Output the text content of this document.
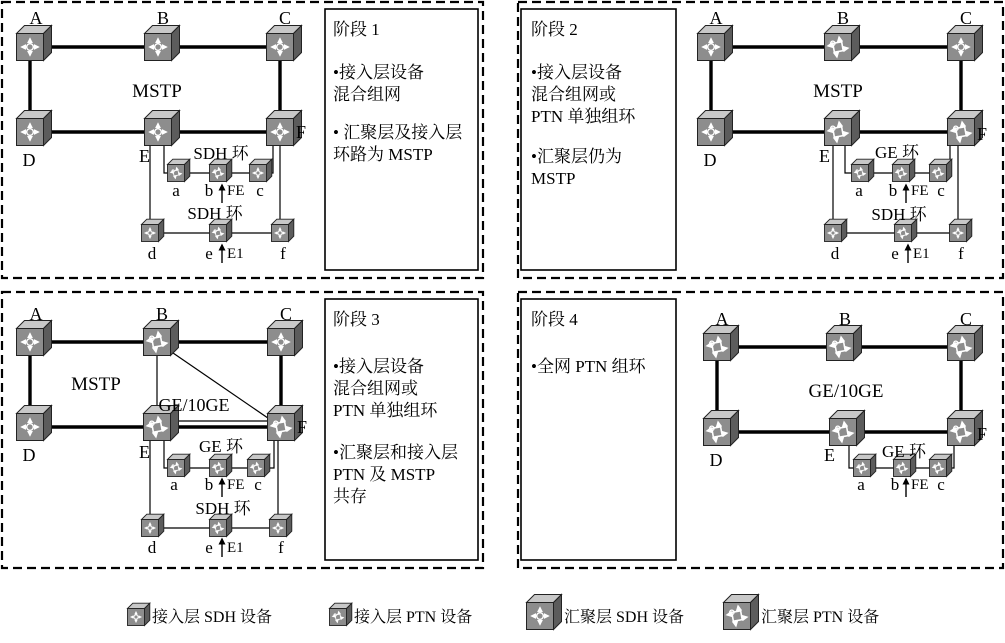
A	B	C
D	E
F
MSTP
SDH 环
SDH 环
a b	c
d	e	f
FE
E1
阶段 1
•接入层设备
混合组网
• 汇聚层及接入层
环路为 MSTP
A	B	C
D	E
F
MSTP
GE 环
SDH 环
a b c
d	e	f
FE
E1
阶段 2
•接入层设备
混合组网或
PTN 单独组环
•汇聚层仍为
MSTP
A	B	C
D	E
F
MSTP
GE/10GE
GE 环
SDH 环
a b c
d	e	f
FE
E1
阶段 3
•接入层设备
混合组网或
PTN 单独组环
•汇聚层和接入层
PTN 及 MSTP
共存
A	B	C
D	E
F
GE/10GE
GE 环
a b c
FE
阶段 4
•全网 PTN 组环
接入层 SDH 设备	接入层 PTN 设备	汇聚层 SDH 设备	汇聚层 PTN 设备
